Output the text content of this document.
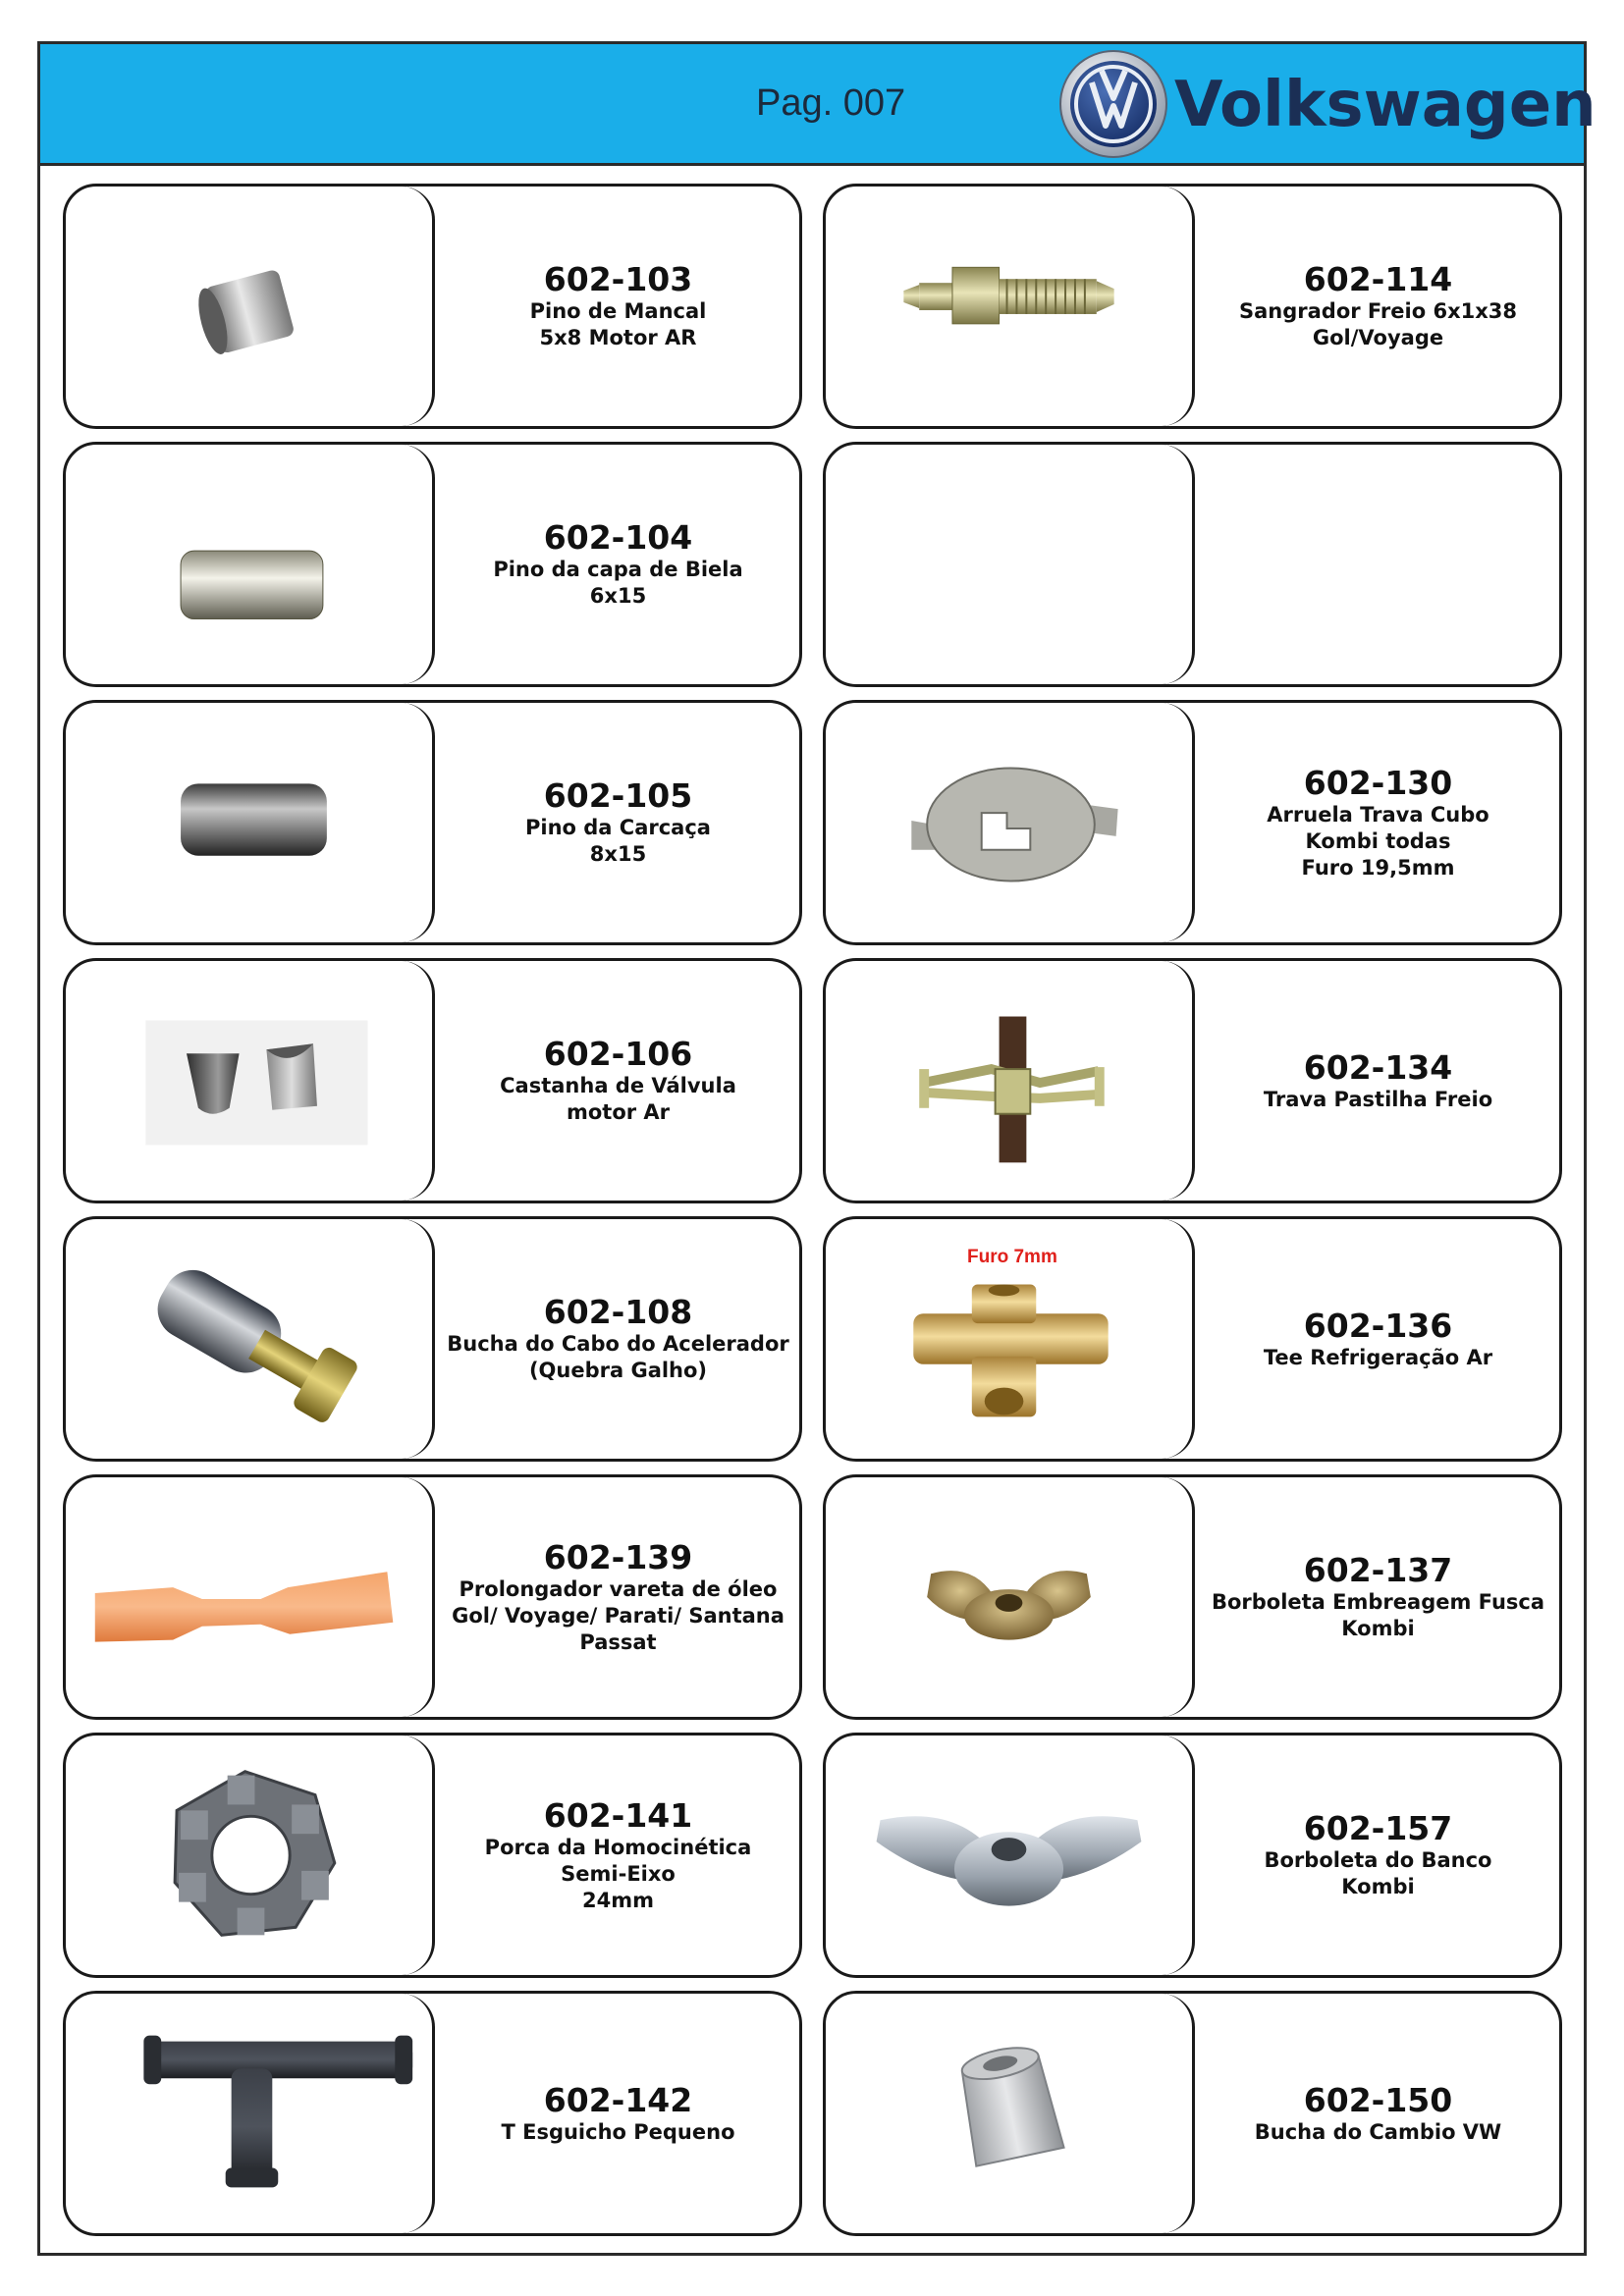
Pag. 007	Volkswagen
602-103
Pino de Mancal
5x8 Motor AR
602-114
Sangrador Freio 6x1x38
Gol/Voyage
602-104
Pino da capa de Biela
6x15
602-105
Pino da Carcaça
8x15
602-130
Arruela Trava Cubo
Kombi todas
Furo 19,5mm
602-106
Castanha de Válvula
motor Ar
602-134
Trava Pastilha Freio
602-108
Bucha do Cabo do Acelerador
(Quebra Galho)
Furo 7mm
602-136
Tee Refrigeração Ar
602-139
Prolongador vareta de óleo
Gol/ Voyage/ Parati/ Santana
Passat
602-137
Borboleta Embreagem Fusca
Kombi
602-141
Porca da Homocinética
Semi-Eixo
24mm
602-157
Borboleta do Banco
Kombi
602-142
T Esguicho Pequeno
602-150
Bucha do Cambio VW
